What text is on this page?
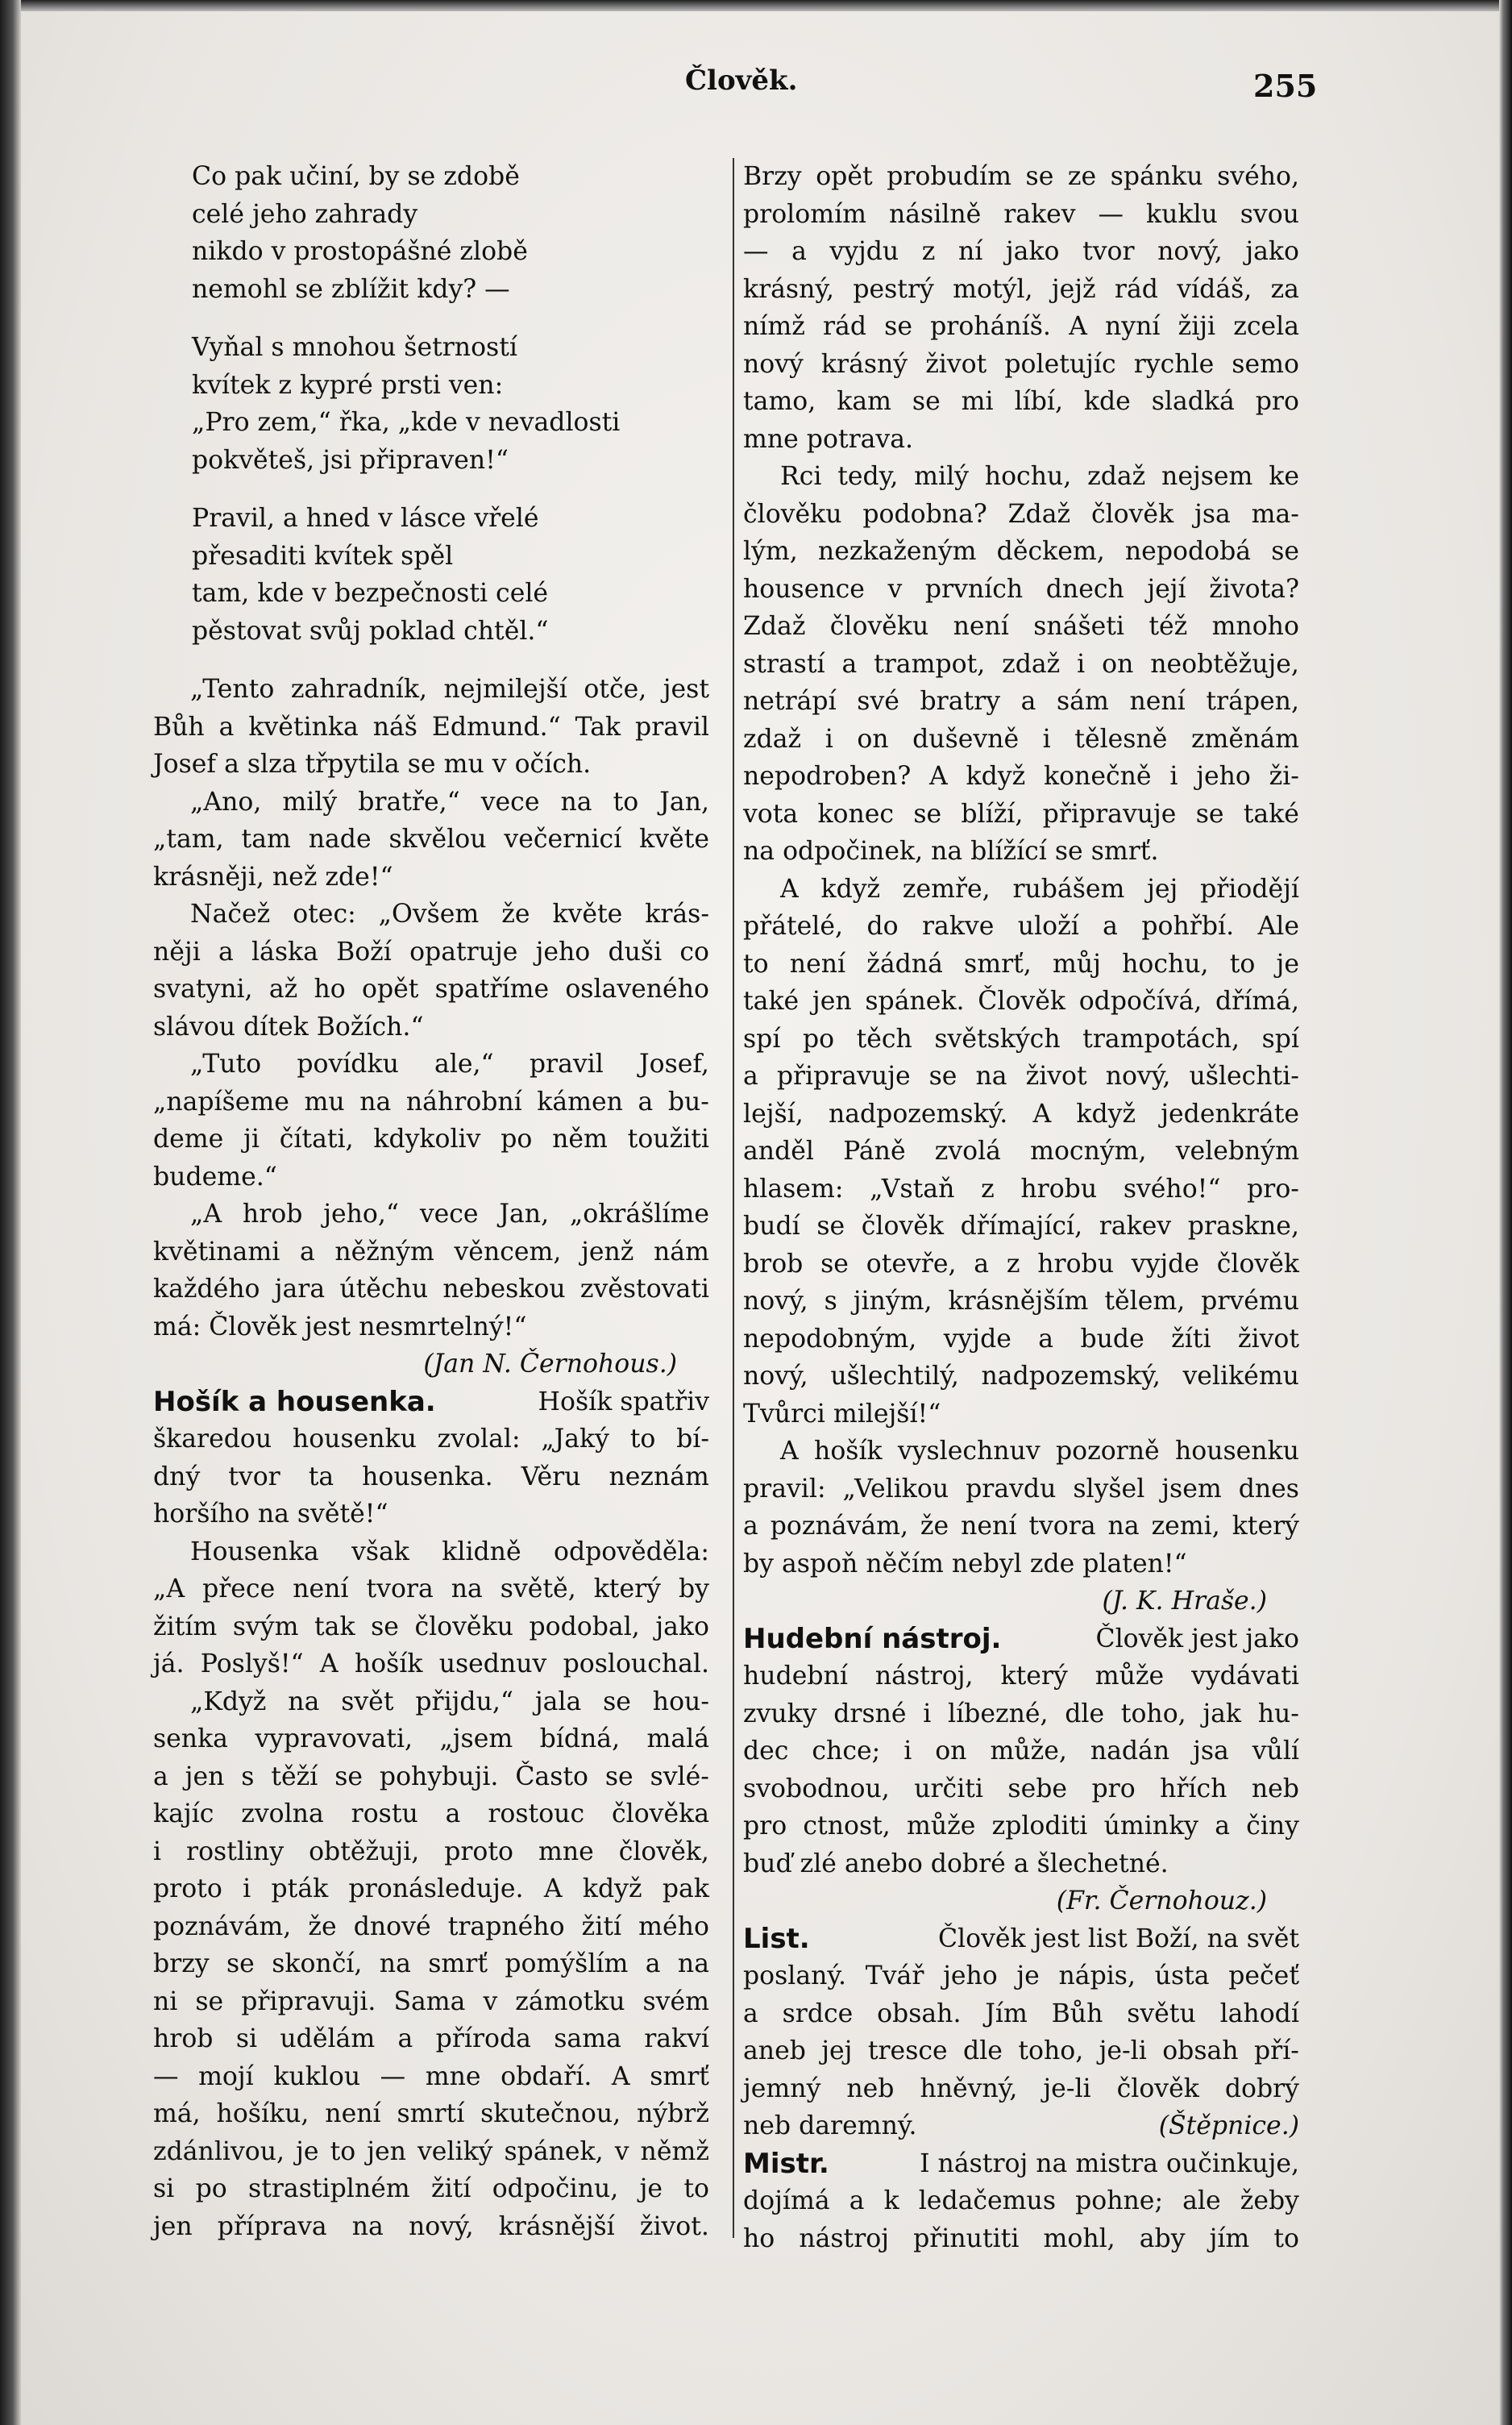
Člověk.	255
Co pak učiní, by se zdobě
celé jeho zahrady
nikdo v prostopášné zlobě
nemohl se zblížit kdy? —
Vyňal s mnohou šetrností
kvítek z kypré prsti ven:
„Pro zem,“ řka, „kde v nevadlosti
pokvěteš, jsi připraven!“
Pravil, a hned v lásce vřelé
přesaditi kvítek spěl
tam, kde v bezpečnosti celé
pěstovat svůj poklad chtěl.“
„Tento zahradník, nejmilejší otče, jest
Bůh a květinka náš Edmund.“ Tak pravil
Josef a slza třpytila se mu v očích.
„Ano, milý bratře,“ vece na to Jan,
„tam, tam nade skvělou večernicí květe
krásněji, než zde!“
Načež otec: „Ovšem že květe krás-
něji a láska Boží opatruje jeho duši co
svatyni, až ho opět spatříme oslaveného
slávou dítek Božích.“
„Tuto povídku ale,“ pravil Josef,
„napíšeme mu na náhrobní kámen a bu-
deme ji čítati, kdykoliv po něm toužiti
budeme.“
„A hrob jeho,“ vece Jan, „okrášlíme
květinami a něžným věncem, jenž nám
každého jara útěchu nebeskou zvěstovati
má: Člověk jest nesmrtelný!“
(Jan N. Černohous.)
Hošík a housenka.	Hošík spatřiv
škaredou housenku zvolal: „Jaký to bí-
dný tvor ta housenka. Věru neznám
horšího na světě!“
Housenka však klidně odpověděla:
„A přece není tvora na světě, který by
žitím svým tak se člověku podobal, jako
já. Poslyš!“ A hošík usednuv poslouchal.
„Když na svět přijdu,“ jala se hou-
senka vypravovati, „jsem bídná, malá
a jen s těží se pohybuji. Často se svlé-
kajíc zvolna rostu a rostouc člověka
i rostliny obtěžuji, proto mne člověk,
proto i pták pronásleduje. A když pak
poznávám, že dnové trapného žití mého
brzy se skončí, na smrť pomýšlím a na
ni se připravuji. Sama v zámotku svém
hrob si udělám a příroda sama rakví
— mojí kuklou — mne obdaří. A smrť
má, hošíku, není smrtí skutečnou, nýbrž
zdánlivou, je to jen veliký spánek, v němž
si po strastiplném žití odpočinu, je to
jen příprava na nový, krásnější život.
Brzy opět probudím se ze spánku svého,
prolomím násilně rakev — kuklu svou
— a vyjdu z ní jako tvor nový, jako
krásný, pestrý motýl, jejž rád vídáš, za
nímž rád se proháníš. A nyní žiji zcela
nový krásný život poletujíc rychle semo
tamo, kam se mi líbí, kde sladká pro
mne potrava.
Rci tedy, milý hochu, zdaž nejsem ke
člověku podobna? Zdaž člověk jsa ma-
lým, nezkaženým děckem, nepodobá se
housence v prvních dnech její života?
Zdaž člověku není snášeti též mnoho
strastí a trampot, zdaž i on neobtěžuje,
netrápí své bratry a sám není trápen,
zdaž i on duševně i tělesně změnám
nepodroben? A když konečně i jeho ži-
vota konec se blíží, připravuje se také
na odpočinek, na blížící se smrť.
A když zemře, rubášem jej přiodějí
přátelé, do rakve uloží a pohřbí. Ale
to není žádná smrť, můj hochu, to je
také jen spánek. Člověk odpočívá, dřímá,
spí po těch světských trampotách, spí
a připravuje se na život nový, ušlechti-
lejší, nadpozemský. A když jedenkráte
anděl Páně zvolá mocným, velebným
hlasem: „Vstaň z hrobu svého!“ pro-
budí se člověk dřímající, rakev praskne,
brob se otevře, a z hrobu vyjde člověk
nový, s jiným, krásnějším tělem, prvému
nepodobným, vyjde a bude žíti život
nový, ušlechtilý, nadpozemský, velikému
Tvůrci milejší!“
A hošík vyslechnuv pozorně housenku
pravil: „Velikou pravdu slyšel jsem dnes
a poznávám, že není tvora na zemi, který
by aspoň něčím nebyl zde platen!“
(J. K. Hraše.)
Hudební nástroj.	Člověk jest jako
hudební nástroj, který může vydávati
zvuky drsné i líbezné, dle toho, jak hu-
dec chce; i on může, nadán jsa vůlí
svobodnou, určiti sebe pro hřích neb
pro ctnost, může zploditi úminky a činy
buď zlé anebo dobré a šlechetné.
(Fr. Černohouz.)
List.	Člověk jest list Boží, na svět
poslaný. Tvář jeho je nápis, ústa pečeť
a srdce obsah. Jím Bůh světu lahodí
aneb jej tresce dle toho, je-li obsah pří-
jemný neb hněvný, je-li člověk dobrý
neb daremný.	(Štěpnice.)
Mistr.	I nástroj na mistra oučinkuje,
dojímá a k ledačemus pohne; ale žeby
ho nástroj přinutiti mohl, aby jím to
